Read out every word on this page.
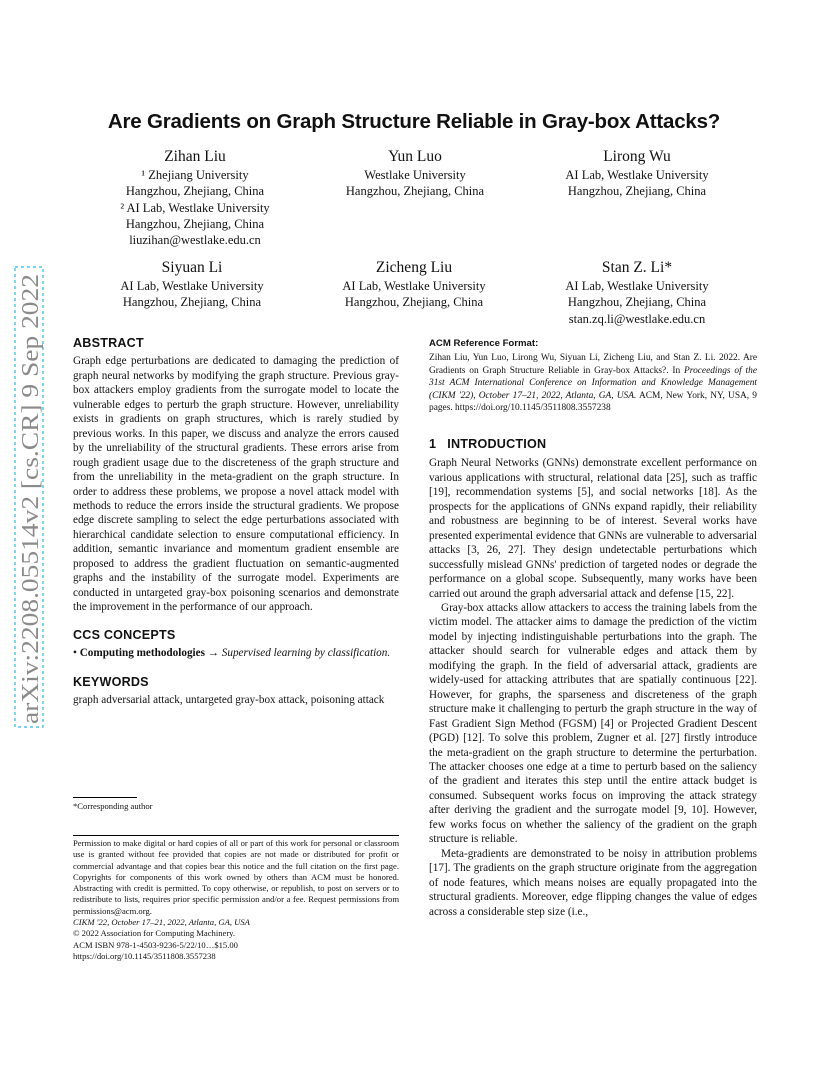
Are Gradients on Graph Structure Reliable in Gray-box Attacks?
Zihan Liu
¹ Zhejiang University
Hangzhou, Zhejiang, China
² AI Lab, Westlake University
Hangzhou, Zhejiang, China
liuzihan@westlake.edu.cn
Yun Luo
Westlake University
Hangzhou, Zhejiang, China
Lirong Wu
AI Lab, Westlake University
Hangzhou, Zhejiang, China
Siyuan Li
AI Lab, Westlake University
Hangzhou, Zhejiang, China
Zicheng Liu
AI Lab, Westlake University
Hangzhou, Zhejiang, China
Stan Z. Li*
AI Lab, Westlake University
Hangzhou, Zhejiang, China
stan.zq.li@westlake.edu.cn
arXiv:2208.05514v2 [cs.CR] 9 Sep 2022 ABSTRACT

Graph edge perturbations are dedicated to damaging the prediction of graph neural networks by modifying the graph structure. Previous gray-box attackers employ gradients from the surrogate model to locate the vulnerable edges to perturb the graph structure. However, unreliability exists in gradients on graph structures, which is rarely studied by previous works. In this paper, we discuss and analyze the errors caused by the unreliability of the structural gradients. These errors arise from rough gradient usage due to the discreteness of the graph structure and from the unreliability in the meta-gradient on the graph structure. In order to address these problems, we propose a novel attack model with methods to reduce the errors inside the structural gradients. We propose edge discrete sampling to select the edge perturbations associated with hierarchical candidate selection to ensure computational efficiency. In addition, semantic invariance and momentum gradient ensemble are proposed to address the gradient fluctuation on semantic-augmented graphs and the instability of the surrogate model. Experiments are conducted in untargeted gray-box poisoning scenarios and demonstrate the improvement in the performance of our approach.

CCS CONCEPTS

• Computing methodologies → Supervised learning by classification.

KEYWORDS

graph adversarial attack, untargeted gray-box attack, poisoning attack

*Corresponding author
Permission to make digital or hard copies of all or part of this work for personal or classroom use is granted without fee provided that copies are not made or distributed for profit or commercial advantage and that copies bear this notice and the full citation on the first page. Copyrights for components of this work owned by others than ACM must be honored. Abstracting with credit is permitted. To copy otherwise, or republish, to post on servers or to redistribute to lists, requires prior specific permission and/or a fee. Request permissions from permissions@acm.org.
CIKM '22, October 17–21, 2022, Atlanta, GA, USA
© 2022 Association for Computing Machinery.
ACM ISBN 978-1-4503-9236-5/22/10…$15.00
https://doi.org/10.1145/3511808.3557238
ACM Reference Format:
Zihan Liu, Yun Luo, Lirong Wu, Siyuan Li, Zicheng Liu, and Stan Z. Li. 2022. Are Gradients on Graph Structure Reliable in Gray-box Attacks?. In Proceedings of the 31st ACM International Conference on Information and Knowledge Management (CIKM '22), October 17–21, 2022, Atlanta, GA, USA. ACM, New York, NY, USA, 9 pages. https://doi.org/10.1145/3511808.3557238
1   INTRODUCTION

Graph Neural Networks (GNNs) demonstrate excellent performance on various applications with structural, relational data [25], such as traffic [19], recommendation systems [5], and social networks [18]. As the prospects for the applications of GNNs expand rapidly, their reliability and robustness are beginning to be of interest. Several works have presented experimental evidence that GNNs are vulnerable to adversarial attacks [3, 26, 27]. They design undetectable perturbations which successfully mislead GNNs' prediction of targeted nodes or degrade the performance on a global scope. Subsequently, many works have been carried out around the graph adversarial attack and defense [15, 22].

Gray-box attacks allow attackers to access the training labels from the victim model. The attacker aims to damage the prediction of the victim model by injecting indistinguishable perturbations into the graph. The attacker should search for vulnerable edges and attack them by modifying the graph. In the field of adversarial attack, gradients are widely-used for attacking attributes that are spatially continuous [22]. However, for graphs, the sparseness and discreteness of the graph structure make it challenging to perturb the graph structure in the way of Fast Gradient Sign Method (FGSM) [4] or Projected Gradient Descent (PGD) [12]. To solve this problem, Zugner et al. [27] firstly introduce the meta-gradient on the graph structure to determine the perturbation. The attacker chooses one edge at a time to perturb based on the saliency of the gradient and iterates this step until the entire attack budget is consumed. Subsequent works focus on improving the attack strategy after deriving the gradient and the surrogate model [9, 10]. However, few works focus on whether the saliency of the gradient on the graph structure is reliable.

Meta-gradients are demonstrated to be noisy in attribution problems [17]. The gradients on the graph structure originate from the aggregation of node features, which means noises are equally propagated into the structural gradients. Moreover, edge flipping changes the value of edges across a considerable step size (i.e.,
